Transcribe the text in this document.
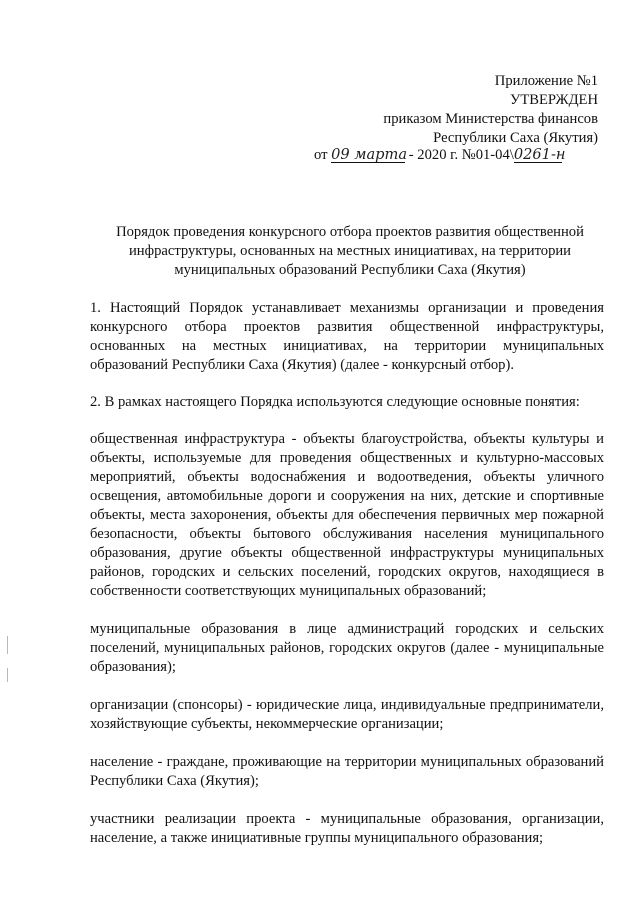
Приложение №1
УТВЕРЖДЕН
приказом Министерства финансов
Республики Саха (Якутия)
от 09 марта - 2020 г. №01-04\0261-н
Порядок проведения конкурсного отбора проектов развития общественной инфраструктуры, основанных на местных инициативах, на территории муниципальных образований Республики Саха (Якутия)

1. Настоящий Порядок устанавливает механизмы организации и проведения конкурсного отбора проектов развития общественной инфраструктуры, основанных на местных инициативах, на территории муниципальных образований Республики Саха (Якутия) (далее - конкурсный отбор).

2. В рамках настоящего Порядка используются следующие основные понятия:

общественная инфраструктура - объекты благоустройства, объекты культуры и объекты, используемые для проведения общественных и культурно-массовых мероприятий, объекты водоснабжения и водоотведения, объекты уличного освещения, автомобильные дороги и сооружения на них, детские и спортивные объекты, места захоронения, объекты для обеспечения первичных мер пожарной безопасности, объекты бытового обслуживания населения муниципального образования, другие объекты общественной инфраструктуры муниципальных районов, городских и сельских поселений, городских округов, находящиеся в собственности соответствующих муниципальных образований;

муниципальные образования в лице администраций городских и сельских поселений, муниципальных районов, городских округов (далее - муниципальные образования);

организации (спонсоры) - юридические лица, индивидуальные предприниматели, хозяйствующие субъекты, некоммерческие организации;

население - граждане, проживающие на территории муниципальных образований Республики Саха (Якутия);

участники реализации проекта - муниципальные образования, организации, население, а также инициативные группы муниципального образования;
